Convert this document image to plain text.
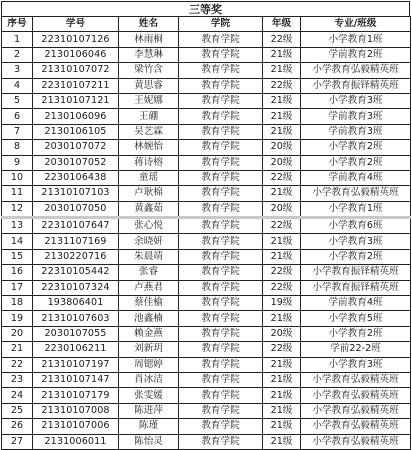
三等奖
序号	学号	姓名	学院	年级	专业/班级
1	22310107126	林雨桐	教育学院	22级	小学教育1班
2	2130106046	李慧琳	教育学院	21级	学前教育2班
3	21310107072	梁竹含	教育学院	21级	小学教育弘毅精英班
4	22310107211	黄思睿	教育学院	22级	小学教育振铎精英班
5	21310107121	王妮娜	教育学院	21级	小学教育3班
6	2130106096	王硼	教育学院	21级	学前教育3班
7	2130106105	吴艺霖	教育学院	21级	学前教育3班
8	2030107072	林婉怡	教育学院	20级	小学教育2班
9	2030107052	蒋诗榕	教育学院	20级	小学教育2班
10	2230106438	童瑶	教育学院	22级	学前教育4班
11	21310107103	卢耿棉	教育学院	21级	小学教育弘毅精英班
12	2030107050	黄鑫茹	教育学院	20级	小学教育1班
13	22310107647	张心悦	教育学院	22级	小学教育6班
14	2131107169	余晓妍	教育学院	21级	小学教育3班
15	2130220716	朱晨靖	教育学院	21级	小学教育2班
16	22310105442	张睿	教育学院	22级	小学教育振铎精英班
17	22310107324	卢燕君	教育学院	22级	小学教育振铎精英班
18	193806401	蔡佳榆	教育学院	19级	学前教育4班
19	21310107603	池鑫楠	教育学院	21级	小学教育5班
20	2030107055	赖金燕	教育学院	20级	小学教育2班
21	2230106211	刘新玥	教育学院	22级	学前22-2班
22	21310107197	周锶婷	教育学院	21级	小学教育3班
23	21310107147	肖冰洁	教育学院	21级	小学教育弘毅精英班
24	21310107179	张雯媛	教育学院	21级	小学教育弘毅精英班
25	21310107008	陈进萍	教育学院	21级	小学教育弘毅精英班
26	21310107006	陈瑾	教育学院	21级	小学教育弘毅精英班
27	2131006011	陈怡灵	教育学院	21级	小学教育弘毅精英班
